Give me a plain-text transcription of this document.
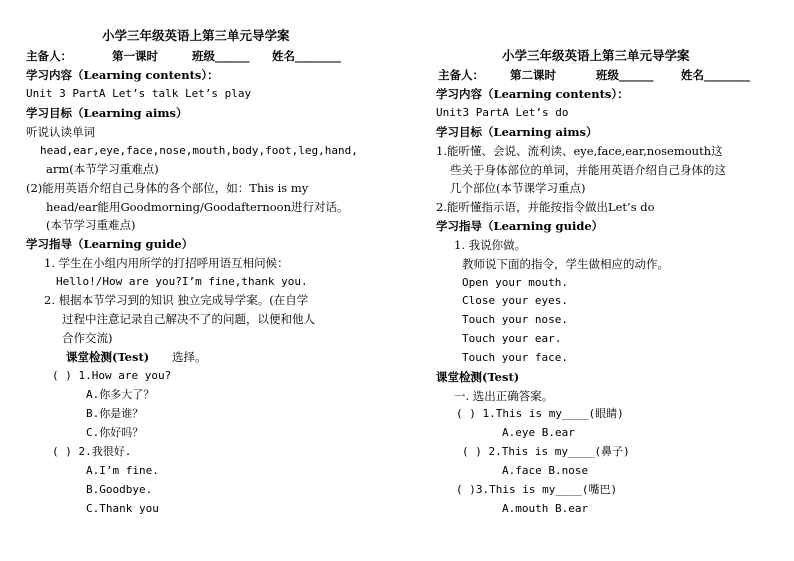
小学三年级英语上第三单元导学案
主备人：	第一课时	班级______ 姓名________
学习内容（Learning contents）：
Unit 3 PartA Let’s talk Let’s play
学习目标（Learning aims）
听说认读单词
head,ear,eye,face,nose,mouth,body,foot,leg,hand,
arm(本节学习重难点)
(2)能用英语介绍自己身体的各个部位，如：This is my
head/ear能用Goodmorning/Goodafternoon进行对话。
(本节学习重难点)
学习指导（Learning guide）
1. 学生在小组内用所学的打招呼用语互相问候：
Hello!/How are you?I’m fine,thank you.
2. 根据本节学习到的知识 独立完成导学案。(在自学
过程中注意记录自己解决不了的问题，以便和他人
合作交流)
课堂检测(Test) 选择。
( ) 1.How are you?
A.你多大了？
B.你是谁？
C.你好吗？
( ) 2.我很好.
A.I’m fine.
B.Goodbye.
C.Thank you
小学三年级英语上第三单元导学案
主备人： 第二课时	班级______ 姓名________
学习内容（Learning contents）：
Unit3 PartA Let’s do
学习目标（Learning aims）
1.能听懂、会说、流利读、eye,face,ear,nosemouth这
些关于身体部位的单词，并能用英语介绍自己身体的这
几个部位(本节课学习重点)
2.能听懂指示语，并能按指令做出Let’s do
学习指导（Learning guide）
1. 我说你做。
教师说下面的指令，学生做相应的动作。
Open your mouth.
Close your eyes.
Touch your nose.
Touch your ear.
Touch your face.
课堂检测(Test)
一. 选出正确答案。
( ) 1.This is my____(眼睛)
A.eye B.ear
( ) 2.This is my____(鼻子)
A.face B.nose
( )3.This is my____(嘴巴)
A.mouth B.ear
